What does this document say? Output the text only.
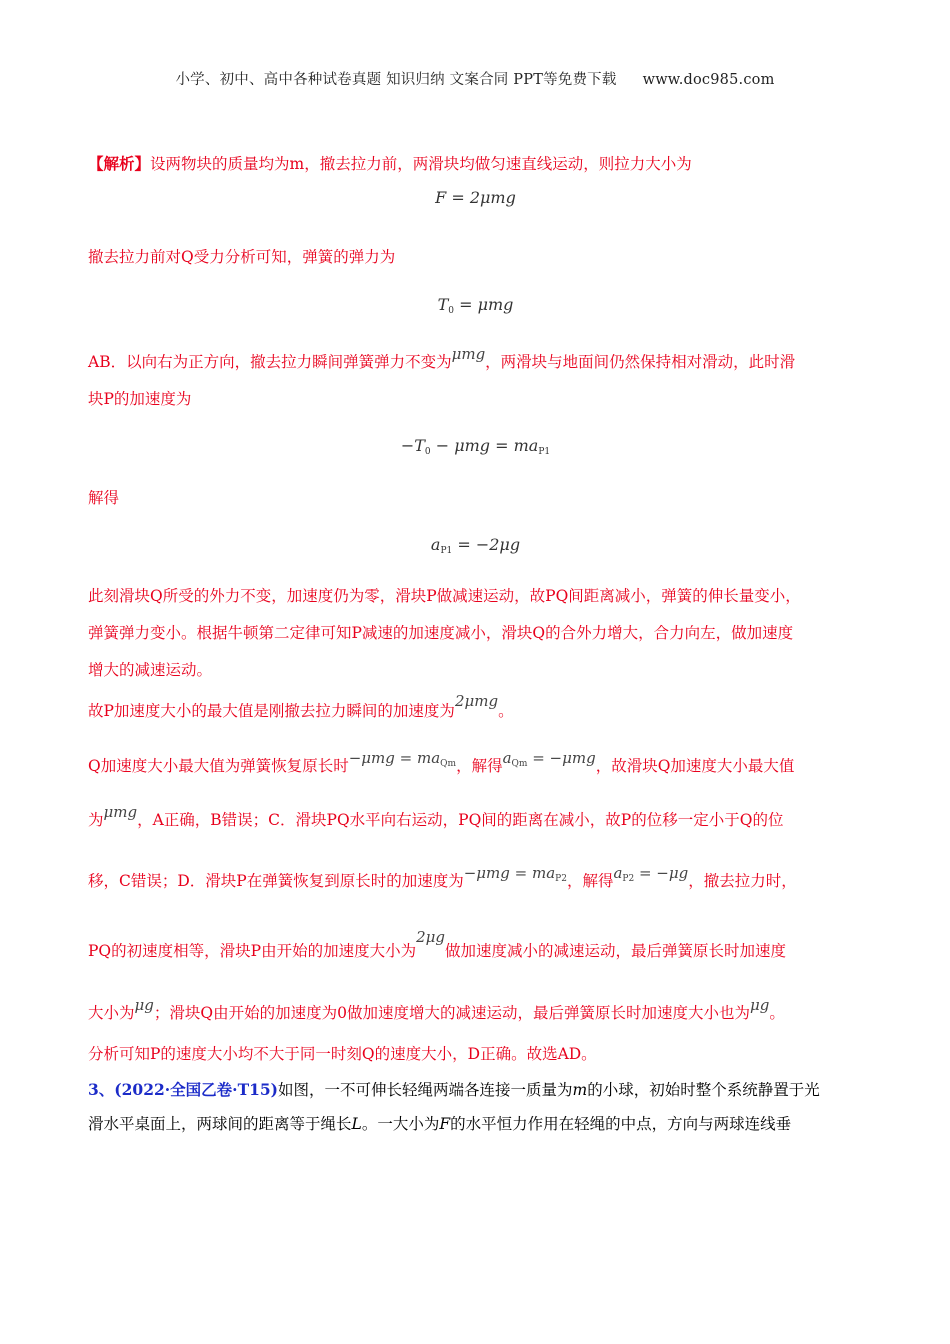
小学、初中、高中各种试卷真题 知识归纳 文案合同 PPT等免费下载 www.doc985.com
【解析】设两物块的质量均为m，撤去拉力前，两滑块均做匀速直线运动，则拉力大小为
F = 2μmg
撤去拉力前对Q受力分析可知，弹簧的弹力为
$T_0 = \mu mg$
AB．以向右为正方向，撤去拉力瞬间弹簧弹力不变为μmg，两滑块与地面间仍然保持相对滑动，此时滑
块P的加速度为
$-T_0 - \mu mg = ma_{P1}$
解得
$a_{P1} = -2\mu g$
此刻滑块Q所受的外力不变，加速度仍为零，滑块P做减速运动，故PQ间距离减小，弹簧的伸长量变小，
弹簧弹力变小。根据牛顿第二定律可知P减速的加速度减小，滑块Q的合外力增大，合力向左，做加速度
增大的减速运动。
故P加速度大小的最大值是刚撤去拉力瞬间的加速度为2μmg。
Q加速度大小最大值为弹簧恢复原长时$-\mu mg = ma_{Qm}$，解得$a_{Qm} = -\mu mg$，故滑块Q加速度大小最大值
为μmg，A正确，B错误；C．滑块PQ水平向右运动，PQ间的距离在减小，故P的位移一定小于Q的位
移，C错误；D．滑块P在弹簧恢复到原长时的加速度为$-\mu mg = ma_{P2}$，解得$a_{P2} = -\mu g$，撤去拉力时，
PQ的初速度相等，滑块P由开始的加速度大小为2μg做加速度减小的减速运动，最后弹簧原长时加速度
大小为μg；滑块Q由开始的加速度为0做加速度增大的减速运动，最后弹簧原长时加速度大小也为μg。
分析可知P的速度大小均不大于同一时刻Q的速度大小，D正确。故选AD。
3、(2022·全国乙卷·T15)如图，一不可伸长轻绳两端各连接一质量为m的小球，初始时整个系统静置于光
滑水平桌面上，两球间的距离等于绳长L。一大小为F的水平恒力作用在轻绳的中点，方向与两球连线垂
